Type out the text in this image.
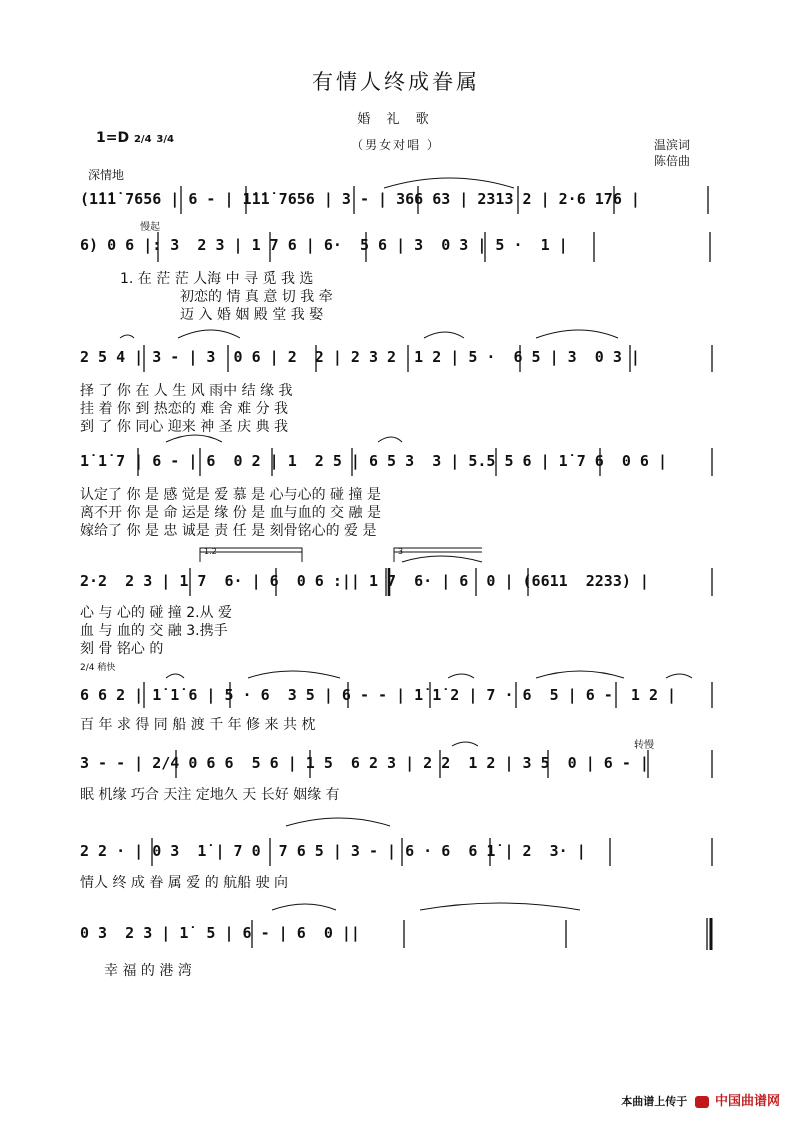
有情人终成眷属
婚 礼 歌
（男女对唱 ）	温滨词
陈倍曲
1=D 2/4 3/4
深情地
(1̇1̇1̇ 7656 | 6 - | 1̇1̇1̇ 7656 | 3 - | 366 63 | 2313 2 | 2·6 176 |
慢起
6) 0 6 |: 3  2 3 | 1 7 6 | 6·  5 6 | 3  0 3 | 5 ·  1 |
1. 在 茫 茫 人海 中 寻 觅 我 选
初恋的 情 真 意 切 我 牵
迈 入 婚 姻 殿 堂 我 娶
2 5 4 | 3 - | 3  0 6 | 2  2 | 2 3 2  1 2 | 5 ·  6 5 | 3  0 3 |
择 了 你 在 人 生 风 雨中 结 缘 我
挂 着 你 到 热恋的 难 舍 难 分 我
到 了 你 同心 迎来 神 圣 庆 典 我
1̇ 1̇ 7 | 6 - | 6  0 2 | 1  2 5 | 6 5 3  3 | 5.5 5 6 | 1̇ 7 6  0 6 |
认定了 你 是 感 觉是 爱 慕 是 心与心的 碰 撞 是
离不开 你 是 命 运是 缘 份 是 血与血的 交 融 是
嫁给了 你 是 忠 诚是 责 任 是 刻骨铭心的 爱 是
1.2	3
2·2  2 3 | 1 7  6· | 6  0 6 :|| 1 7  6· | 6  0 | (6611  2233) |
心 与 心的 碰 撞 2.从 爱
血 与 血的 交 融 3.携手
刻 骨 铭心 的
2/4 稍快
6 6 2 | 1̇ 1̇ 6 | 5 · 6  3 5 | 6 - - | 1̇ 1̇ 2 | 7 · 6  5 | 6 -  1 2 |
百 年 求 得 同 船 渡 千 年 修 来 共 枕
转慢
3 - - | 2/4 0 6 6  5 6 | 1 5  6 2 3 | 2 2  1 2 | 3 5  0 | 6 - |
眠 机缘 巧合 天注 定地久 天 长好 姻缘 有
2 2 · | 0 3  1̇ | 7 0  7 6 5 | 3 - | 6 · 6  6 1̇ | 2  3· |
情人 终 成 眷 属 爱 的 航船 驶 向
0 3  2 3 | 1̇  5 | 6 - | 6  0 ||
幸 福 的 港 湾
本曲谱上传于 中国曲谱网
